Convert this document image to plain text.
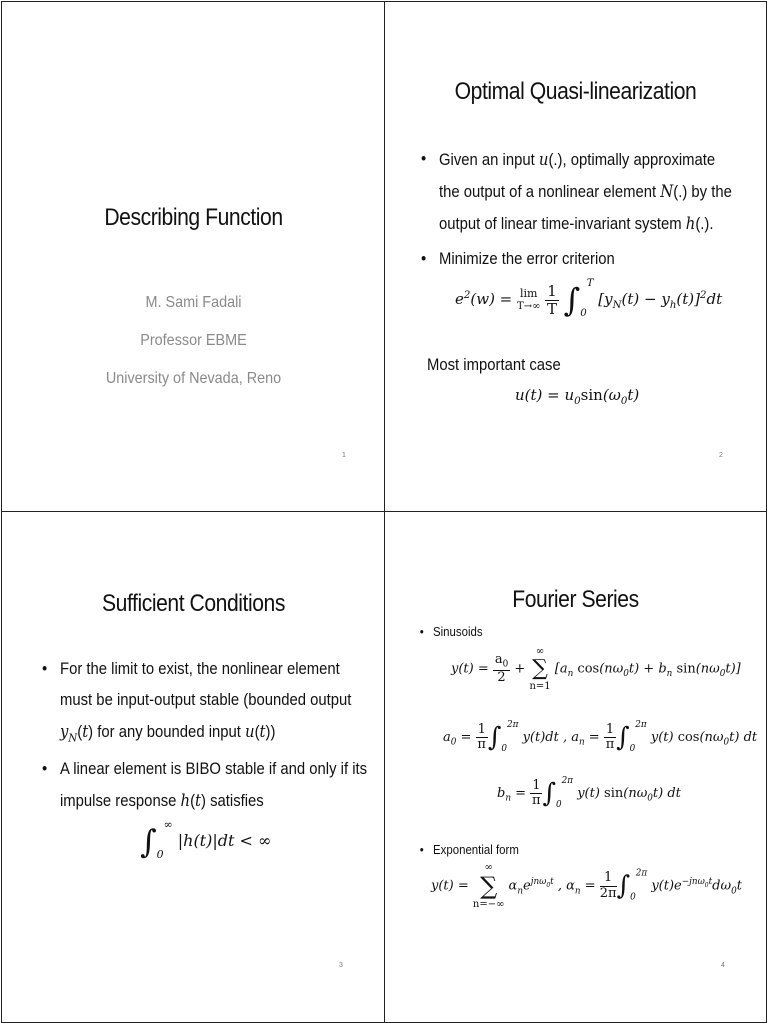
Describing Function
M. Sami Fadali
Professor EBME
University of Nevada, Reno
1
Optimal Quasi-linearization
• Given an input u(.), optimally approximate
the output of a nonlinear element N(.) by the
output of linear time-invariant system h(.).
• Minimize the error criterion
$e^2(w) = \lim$
T→∞
$\frac{1}{T} \int_0^T$ $[y_N(t) - y_h(t)]^2dt$
Most important case
$u(t) = u_0\sin(\omega_0t)$
2
Sufficient Conditions
• For the limit to exist, the nonlinear element
must be input-output stable (bounded output
$y_N(t)$ for any bounded input u(t))
• A linear element is BIBO stable if and only if its
impulse response h(t) satisfies
$\int_0^\infty$ |h(t)|dt < ∞
3
Fourier Series
• Sinusoids
$y(t) = \frac{a_0}{2}$ +
∞
∑
n=1
[$a_n$ $\cos(n\omega_0t) + b_n$ $\sin(n\omega_0t)$]
$a_0 = \frac{1}{\pi} \int_0^{2\pi}$ y(t)dt , $a_n = \frac{1}{\pi} \int_0^{2\pi}$ y(t) $\cos(n\omega_0t)$ dt
$b_n = \frac{1}{\pi} \int_0^{2\pi}$ y(t) $\sin(n\omega_0t)$ dt
• Exponential form
y(t) =
∞
∑
n=−∞
$\alpha_ne^{jn\omega_0t}$ , $\alpha_n = \frac{1}{2\pi} \int_0^{2\pi}$ $y(t)e^{-jn\omega_0t}d\omega_0t$
4
